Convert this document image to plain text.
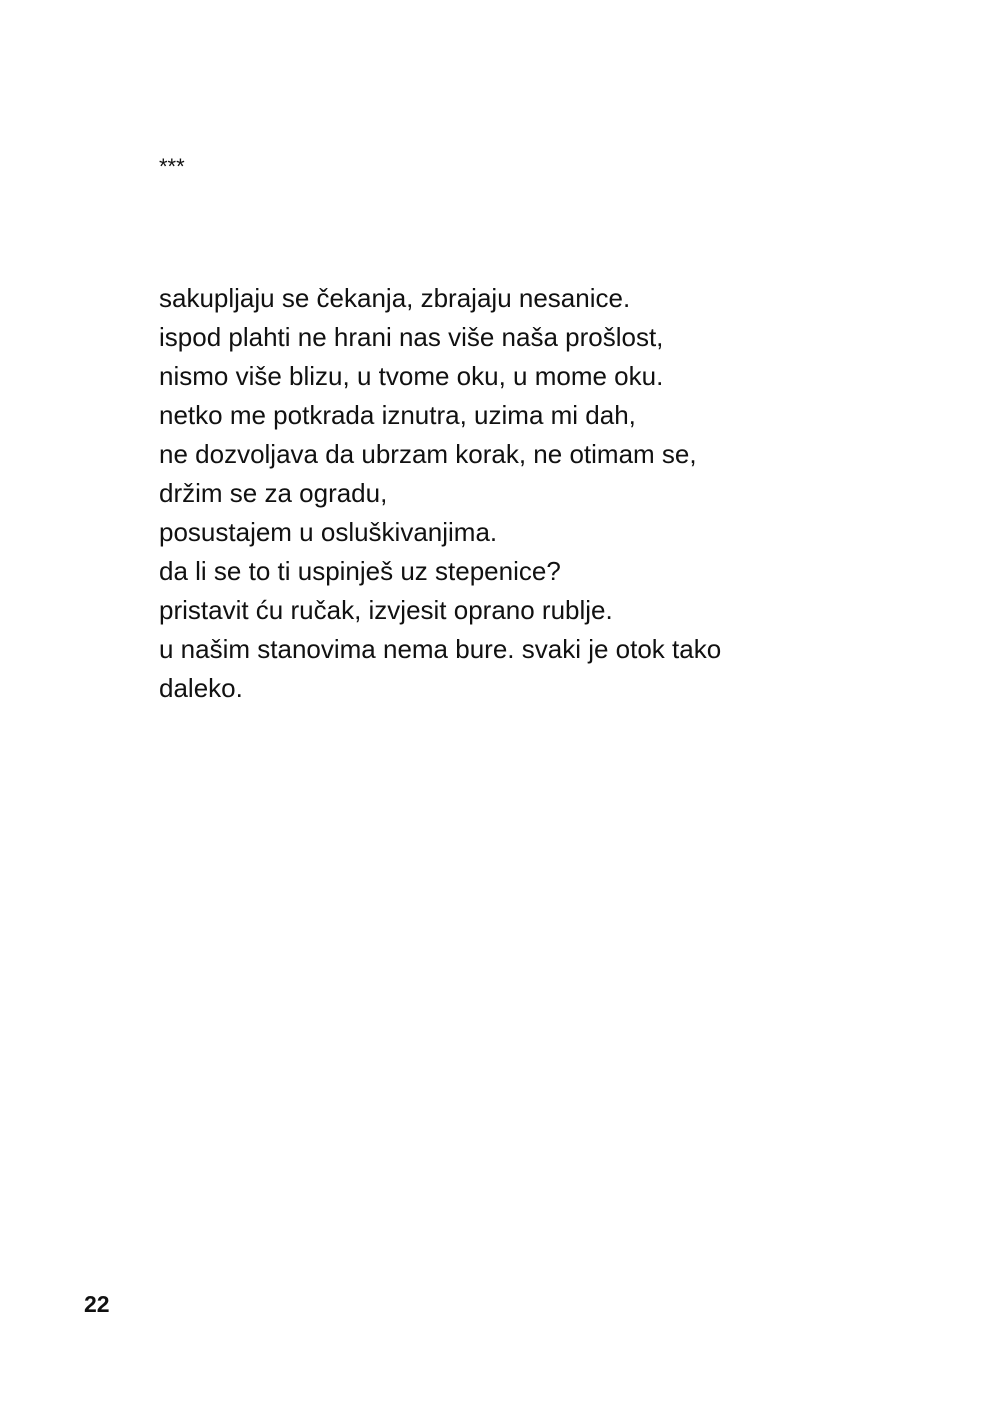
***
sakupljaju se čekanja, zbrajaju nesanice.
ispod plahti ne hrani nas više naša prošlost,
nismo više blizu, u tvome oku, u mome oku.
netko me potkrada iznutra, uzima mi dah,
ne dozvoljava da ubrzam korak, ne otimam se,
držim se za ogradu,
posustajem u osluškivanjima.
da li se to ti uspinješ uz stepenice?
pristavit ću ručak, izvjesit oprano rublje.
u našim stanovima nema bure. svaki je otok tako
daleko.
22
